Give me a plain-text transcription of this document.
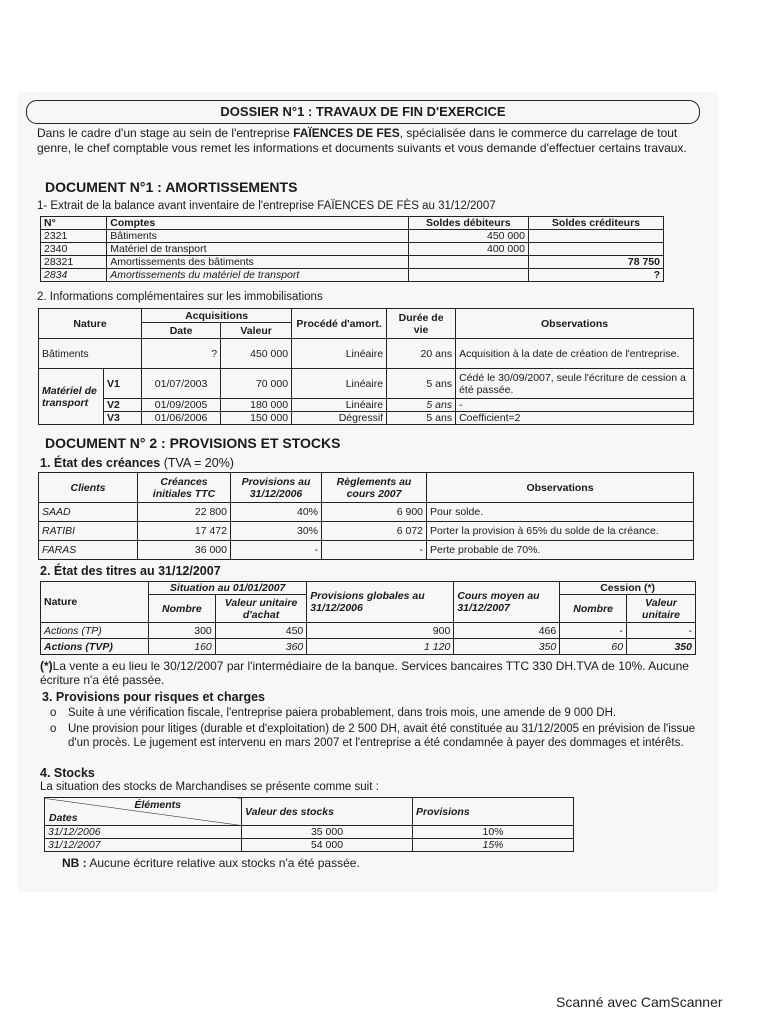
DOSSIER N°1 : TRAVAUX DE FIN D'EXERCICE
Dans le cadre d'un stage au sein de l'entreprise FAÏENCES DE FES, spécialisée dans le commerce du carrelage de tout genre, le chef comptable vous remet les informations et documents suivants et vous demande d'effectuer certains travaux.
DOCUMENT N°1 : AMORTISSEMENTS
1- Extrait de la balance avant inventaire de l'entreprise FAÏENCES DE FÈS au 31/12/2007
N°	Comptes	Soldes débiteurs	Soldes créditeurs
2321	Bâtiments	450 000	
2340	Matériel de transport	400 000	
28321	Amortissements des bâtiments		78 750
2834	Amortissements du matériel de transport		?
2. Informations complémentaires sur les immobilisations
Nature		Acquisitions		Procédé d'amort.	Durée de vie	Observations
		Date	Valeur			
Bâtiments		?	450 000	Linéaire	20 ans	Acquisition à la date de création de l'entreprise.
Matériel de transport	V1	01/07/2003	70 000	Linéaire	5 ans	Cédé le 30/09/2007, seule l'écriture de cession a été passée.
	V2	01/09/2005	180 000	Linéaire	5 ans	-
	V3	01/06/2006	150 000	Dégressif	5 ans	Coefficient=2
DOCUMENT N° 2 : PROVISIONS ET STOCKS
1. État des créances (TVA = 20%)
Clients	Créances initiales TTC	Provisions au 31/12/2006	Règlements au cours 2007	Observations
SAAD	22 800	40%	6 900	Pour solde.
RATIBI	17 472	30%	6 072	Porter la provision à 65% du solde de la créance.
FARAS	36 000	-	-	Perte probable de 70%.
2. État des titres au 31/12/2007
Nature	Situation au 01/01/2007		Provisions globales au 31/12/2006	Cours moyen au 31/12/2007	Cession (*)	
	Nombre	Valeur unitaire d'achat			Nombre	Valeur unitaire
Actions (TP)	300	450	900	466	-	-
Actions (TVP)	160	360	1 120	350	60	350
(*)La vente a eu lieu le 30/12/2007 par l'intermédiaire de la banque. Services bancaires TTC 330 DH.TVA de 10%. Aucune écriture n'a été passée.
3. Provisions pour risques et charges
o Suite à une vérification fiscale, l'entreprise paiera probablement, dans trois mois, une amende de 9 000 DH.
o	Une provision pour litiges (durable et d'exploitation) de 2 500 DH, avait été constituée au 31/12/2005 en prévision de l'issue d'un procès. Le jugement est intervenu en mars 2007 et l'entreprise a été condamnée à payer des dommages et intérêts.
4. Stocks
La situation des stocks de Marchandises se présente comme suit :
Éléments
Dates	Valeur des stocks	Provisions
31/12/2006	35 000	10%
31/12/2007	54 000	15%
NB : Aucune écriture relative aux stocks n'a été passée.
Scanné avec CamScanner
